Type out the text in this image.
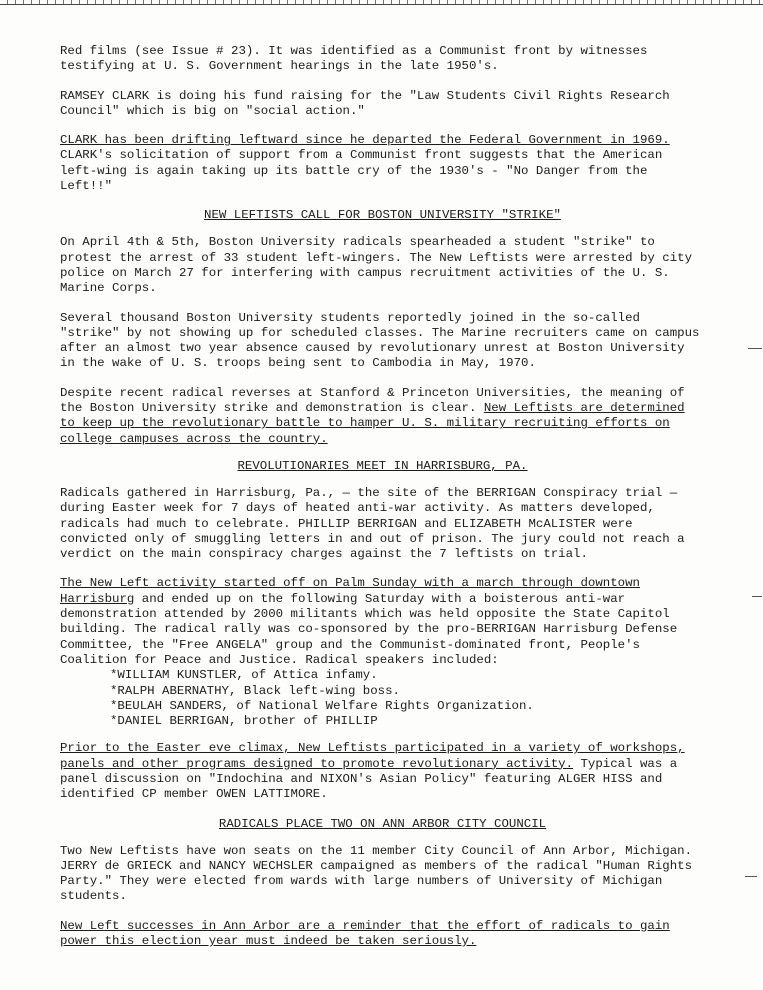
Red films (see Issue # 23). It was identified as a Communist front by witnesses testifying at U. S. Government hearings in the late 1950's.

RAMSEY CLARK is doing his fund raising for the "Law Students Civil Rights Research Council" which is big on "social action."

CLARK has been drifting leftward since he departed the Federal Government in 1969. CLARK's solicitation of support from a Communist front suggests that the American left-wing is again taking up its battle cry of the 1930's - "No Danger from the Left!!"

NEW LEFTISTS CALL FOR BOSTON UNIVERSITY "STRIKE"

On April 4th & 5th, Boston University radicals spearheaded a student "strike" to protest the arrest of 33 student left-wingers. The New Leftists were arrested by city police on March 27 for interfering with campus recruitment activities of the U. S. Marine Corps.

Several thousand Boston University students reportedly joined in the so-called "strike" by not showing up for scheduled classes. The Marine recruiters came on campus after an almost two year absence caused by revolutionary unrest at Boston University in the wake of U. S. troops being sent to Cambodia in May, 1970.

Despite recent radical reverses at Stanford & Princeton Universities, the meaning of the Boston University strike and demonstration is clear. New Leftists are determined to keep up the revolutionary battle to hamper U. S. military recruiting efforts on college campuses across the country.

REVOLUTIONARIES MEET IN HARRISBURG, PA.

Radicals gathered in Harrisburg, Pa., — the site of the BERRIGAN Conspiracy trial — during Easter week for 7 days of heated anti-war activity. As matters developed, radicals had much to celebrate. PHILLIP BERRIGAN and ELIZABETH McALISTER were convicted only of smuggling letters in and out of prison. The jury could not reach a verdict on the main conspiracy charges against the 7 leftists on trial.

The New Left activity started off on Palm Sunday with a march through downtown Harrisburg and ended up on the following Saturday with a boisterous anti-war demonstration attended by 2000 militants which was held opposite the State Capitol building. The radical rally was co-sponsored by the pro-BERRIGAN Harrisburg Defense Committee, the "Free ANGELA" group and the Communist-dominated front, People's Coalition for Peace and Justice. Radical speakers included:

*WILLIAM KUNSTLER, of Attica infamy.
*RALPH ABERNATHY, Black left-wing boss.
*BEULAH SANDERS, of National Welfare Rights Organization.
*DANIEL BERRIGAN, brother of PHILLIP

Prior to the Easter eve climax, New Leftists participated in a variety of workshops, panels and other programs designed to promote revolutionary activity. Typical was a panel discussion on "Indochina and NIXON's Asian Policy" featuring ALGER HISS and identified CP member OWEN LATTIMORE.

RADICALS PLACE TWO ON ANN ARBOR CITY COUNCIL

Two New Leftists have won seats on the 11 member City Council of Ann Arbor, Michigan. JERRY de GRIECK and NANCY WECHSLER campaigned as members of the radical "Human Rights Party." They were elected from wards with large numbers of University of Michigan students.

New Left successes in Ann Arbor are a reminder that the effort of radicals to gain power this election year must indeed be taken seriously.
